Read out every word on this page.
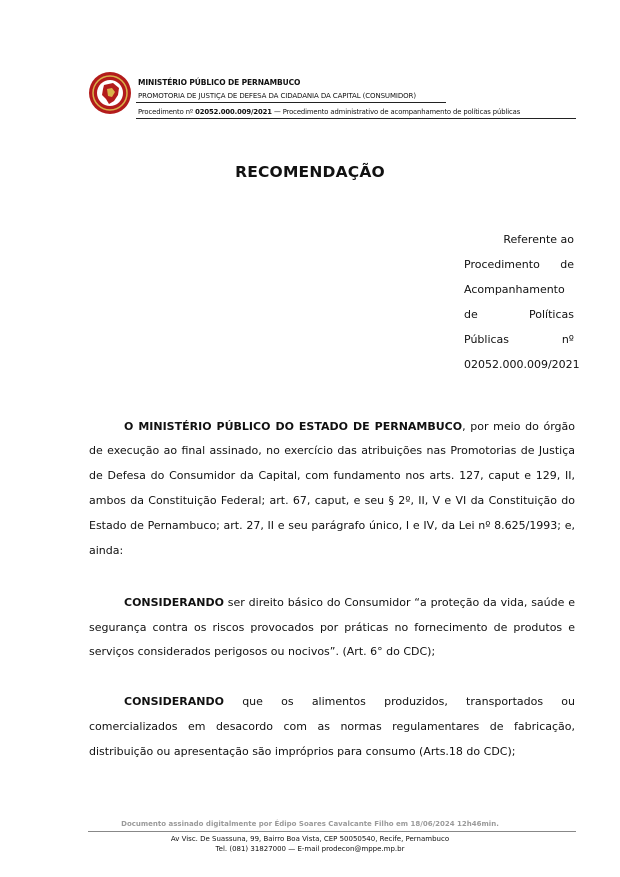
MINISTÉRIO PÚBLICO DE PERNAMBUCO
PROMOTORIA DE JUSTIÇA DE DEFESA DA CIDADANIA DA CAPITAL (CONSUMIDOR)
Procedimento nº 02052.000.009/2021 — Procedimento administrativo de acompanhamento de políticas públicas
RECOMENDAÇÃO
Referente ao
Procedimento de
Acompanhamento
de Políticas
Públicas nº
02052.000.009/2021
O MINISTÉRIO PÚBLICO DO ESTADO DE PERNAMBUCO, por meio do órgão
de execução ao final assinado, no exercício das atribuições nas Promotorias de Justiça
de Defesa do Consumidor da Capital, com fundamento nos arts. 127, caput e 129, II,
ambos da Constituição Federal; art. 67, caput, e seu § 2º, II, V e VI da Constituição do
Estado de Pernambuco; art. 27, II e seu parágrafo único, I e IV, da Lei nº 8.625/1993; e,
ainda:
CONSIDERANDO ser direito básico do Consumidor “a proteção da vida, saúde e
segurança contra os riscos provocados por práticas no fornecimento de produtos e
serviços considerados perigosos ou nocivos”. (Art. 6° do CDC);
CONSIDERANDO que os alimentos produzidos, transportados ou
comercializados em desacordo com as normas regulamentares de fabricação,
distribuição ou apresentação são impróprios para consumo (Arts.18 do CDC);
Documento assinado digitalmente por Édipo Soares Cavalcante Filho em 18/06/2024 12h46min.
Av Visc. De Suassuna, 99, Bairro Boa Vista, CEP 50050540, Recife, Pernambuco
Tel. (081) 31827000 — E-mail prodecon@mppe.mp.br
